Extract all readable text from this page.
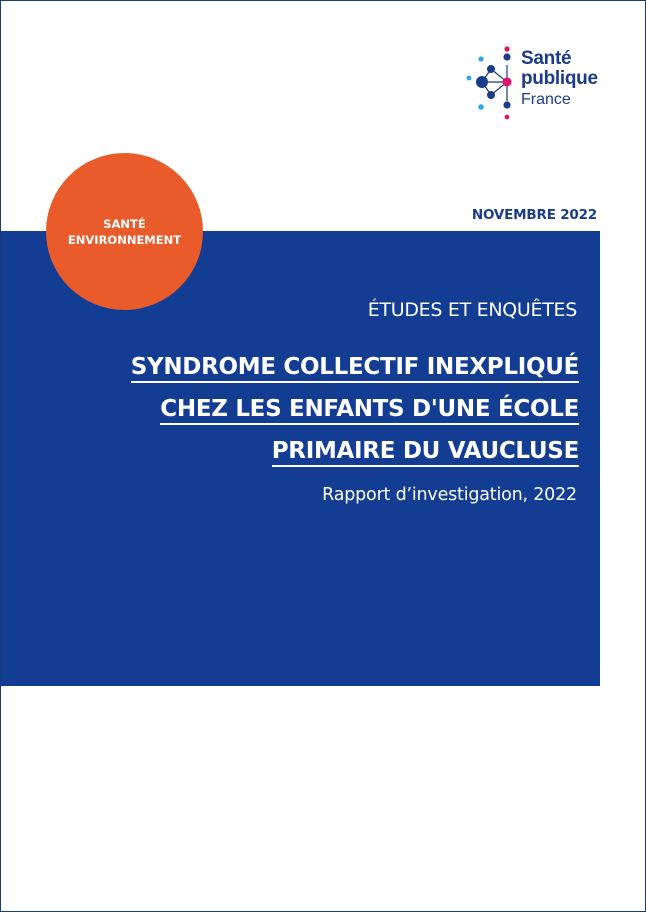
Santé
publique
France
NOVEMBRE 2022
SANTÉ
ENVIRONNEMENT
ÉTUDES ET ENQUÊTES
SYNDROME COLLECTIF INEXPLIQUÉ
CHEZ LES ENFANTS D'UNE ÉCOLE
PRIMAIRE DU VAUCLUSE
Rapport d’investigation, 2022
